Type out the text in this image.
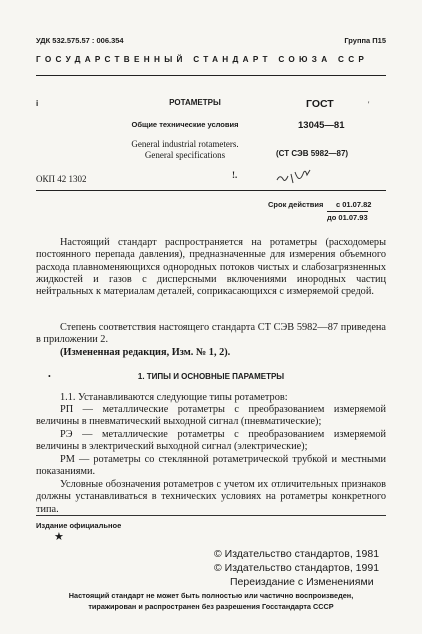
УДК 532.575.57 : 006.354	Группа П15
ГОСУДАРСТВЕННЫЙ СТАНДАРТ СОЮЗА ССР
i	РОТАМЕТРЫ	ГОСТ	'
Общие технические условия	13045—81
General industrial rotameters.
General specifications	(СТ СЭВ 5982—87)
ОКП 42 1302	!.
Срок действия с 01.07.82
до 01.07.93
Настоящий стандарт распространяется на ротаметры (расходомеры постоянного перепада давления), предназначенные для измерения объемного расхода плавноменяющихся однородных потоков чистых и слабозагрязненных жидкостей и газов с дисперсными включениями инородных частиц нейтральных к материалам деталей, соприкасающихся с измеряемой средой.
Степень соответствия настоящего стандарта СТ СЭВ 5982—87 приведена в приложении 2.
(Измененная редакция, Изм. № 1, 2).
•	1. ТИПЫ И ОСНОВНЫЕ ПАРАМЕТРЫ
1.1. Устанавливаются следующие типы ротаметров:
РП — металлические ротаметры с преобразованием измеряемой величины в пневматический выходной сигнал (пневматические);
РЭ — металлические ротаметры с преобразованием измеряемой величины в электрический выходной сигнал (электрические);
РМ — ротаметры со стеклянной ротаметрической трубкой и местными показаниями.
Условные обозначения ротаметров с учетом их отличительных признаков должны устанавливаться в технических условиях на ротаметры конкретного типа.
Издание официальное
★
© Издательство стандартов, 1981
© Издательство стандартов, 1991
Переиздание с Изменениями
Настоящий стандарт не может быть полностью или частично воспроизведен,
тиражирован и распространен без разрешения Госстандарта СССР
